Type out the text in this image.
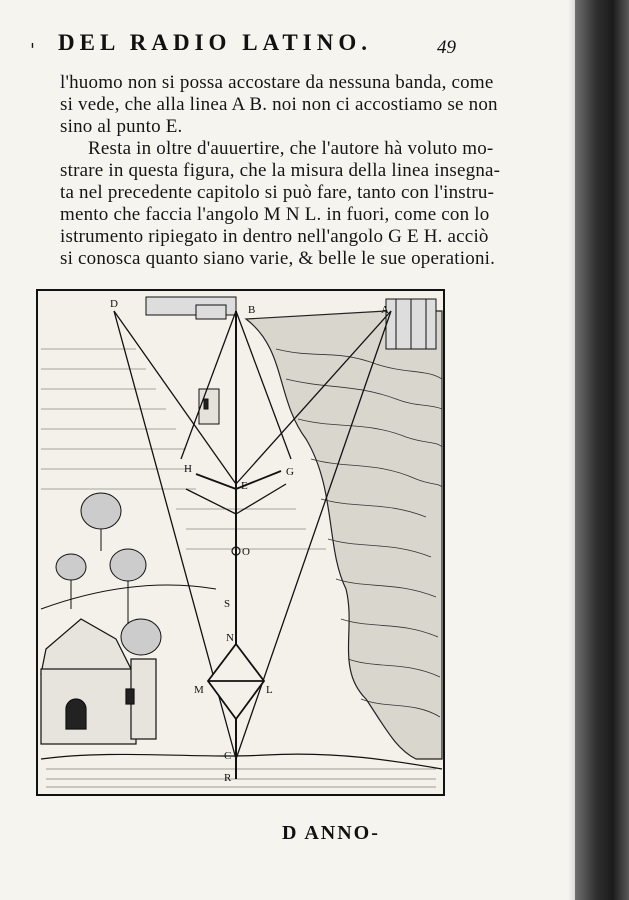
' DEL RADIO LATINO.	49
l'huomo non si possa accostare da nessuna banda, come
si vede, che alla linea A B. noi non ci accostiamo se non
sino al punto E.
Resta in oltre d'auuertire, che l'autore hà voluto mo-
strare in questa figura, che la misura della linea insegna-
ta nel precedente capitolo si può fare, tanto con l'instru-
mento che faccia l'angolo M N L. in fuori, come con lo
istrumento ripiegato in dentro nell'angolo G E H. acciò
si conosca quanto siano varie, & belle le sue operationi.
D	B	A
H
E
G
O
S
N
M	L
C
R
D ANNO-
